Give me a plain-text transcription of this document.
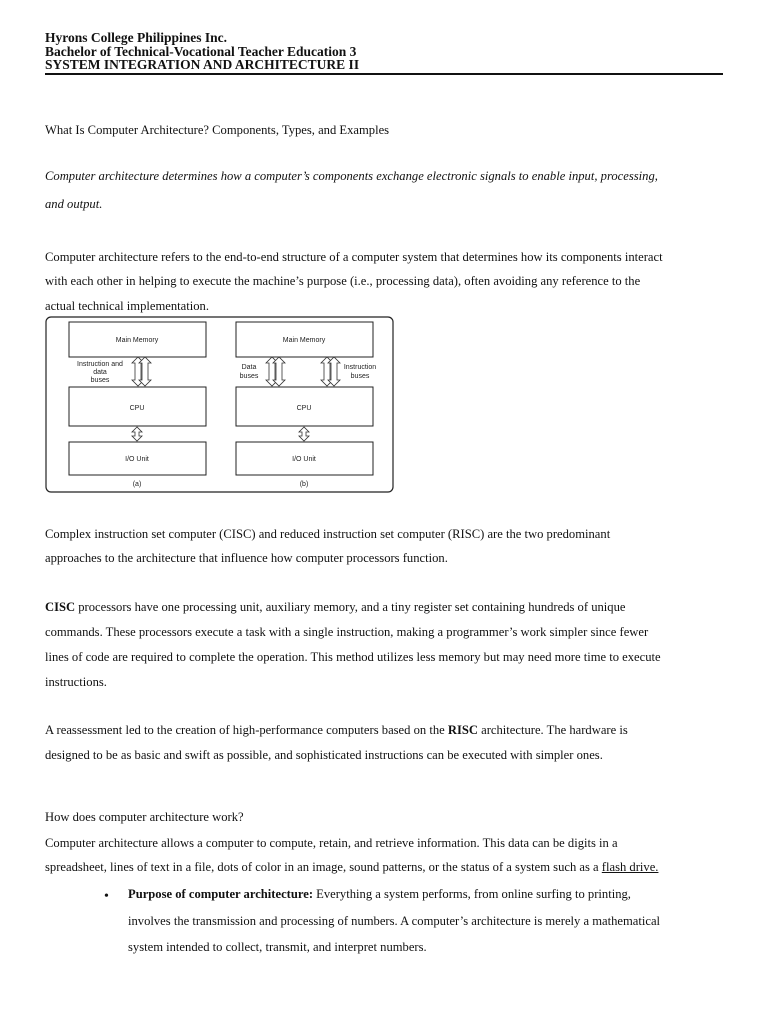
Hyrons College Philippines Inc.
Bachelor of Technical-Vocational Teacher Education 3
SYSTEM INTEGRATION AND ARCHITECTURE II
What Is Computer Architecture? Components, Types, and Examples
Computer architecture determines how a computer’s components exchange electronic signals to enable input, processing,
and output.
Computer architecture refers to the end-to-end structure of a computer system that determines how its components interact
with each other in helping to execute the machine’s purpose (i.e., processing data), often avoiding any reference to the
actual technical implementation.
Main Memory
Instruction and
data
buses
CPU
I/O Unit
(a)
Main Memory
Data
buses
Instruction
buses
CPU
I/O Unit
(b)
Complex instruction set computer (CISC) and reduced instruction set computer (RISC) are the two predominant
approaches to the architecture that influence how computer processors function.
CISC processors have one processing unit, auxiliary memory, and a tiny register set containing hundreds of unique
commands. These processors execute a task with a single instruction, making a programmer’s work simpler since fewer
lines of code are required to complete the operation. This method utilizes less memory but may need more time to execute
instructions.
A reassessment led to the creation of high-performance computers based on the RISC architecture. The hardware is
designed to be as basic and swift as possible, and sophisticated instructions can be executed with simpler ones.
How does computer architecture work?
Computer architecture allows a computer to compute, retain, and retrieve information. This data can be digits in a
spreadsheet, lines of text in a file, dots of color in an image, sound patterns, or the status of a system such as a flash drive.
• Purpose of computer architecture: Everything a system performs, from online surfing to printing,
involves the transmission and processing of numbers. A computer’s architecture is merely a mathematical
system intended to collect, transmit, and interpret numbers.
